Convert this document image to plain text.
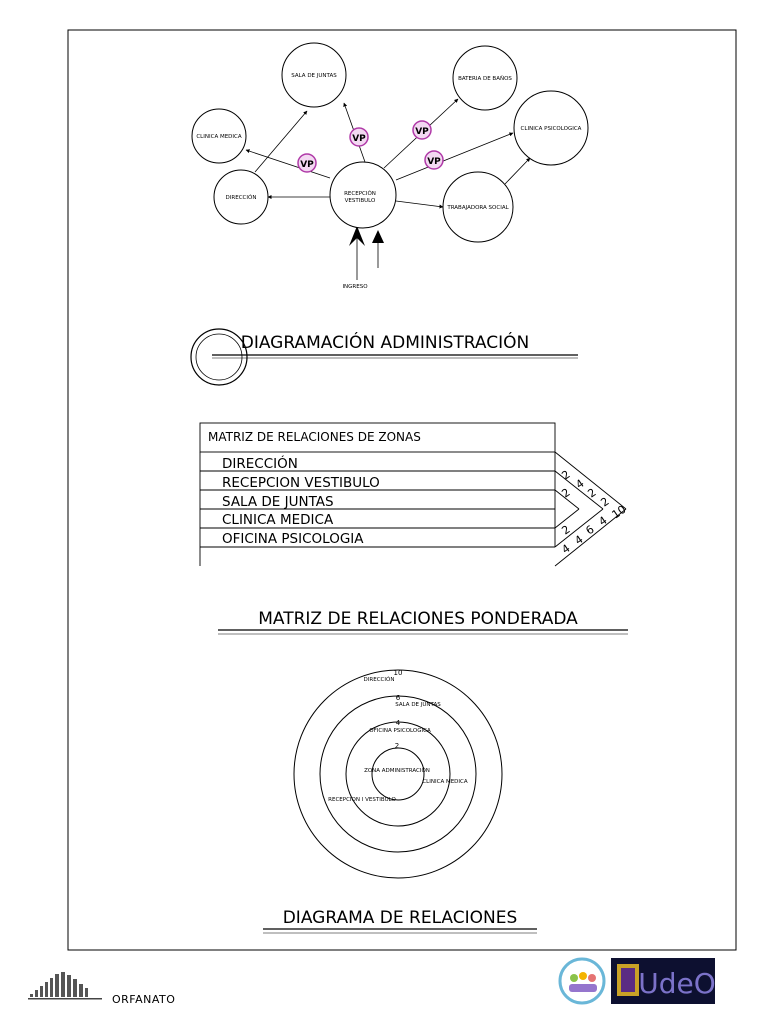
SALA DE JUNTAS	BATERIA DE BAÑOS
CLINICA MEDICA
CLINICA PSICOLOGICA
DIRECCIÓN
RECEPCIÓN
VESTIBULO
TRABAJADORA SOCIAL
VP
VP
VP	VP
INGRESO
DIAGRAMACIÓN ADMINISTRACIÓN
MATRIZ DE RELACIONES DE ZONAS
DIRECCIÓN
RECEPCION VESTIBULO
SALA DE JUNTAS
CLINICA MEDICA
OFICINA PSICOLOGIA
2
4
2 2
2
10
4
6
2
4
4
MATRIZ DE RELACIONES PONDERADA
10
6
4
2
DIRECCIÓN
SALA DE JUNTAS
OFICINA PSICOLOGICA
ZONA ADMINISTRACIÓN
CLINICA MEDICA
RECEPCION I VESTIBULO
DIAGRAMA DE RELACIONES
UdeO
ORFANATO
